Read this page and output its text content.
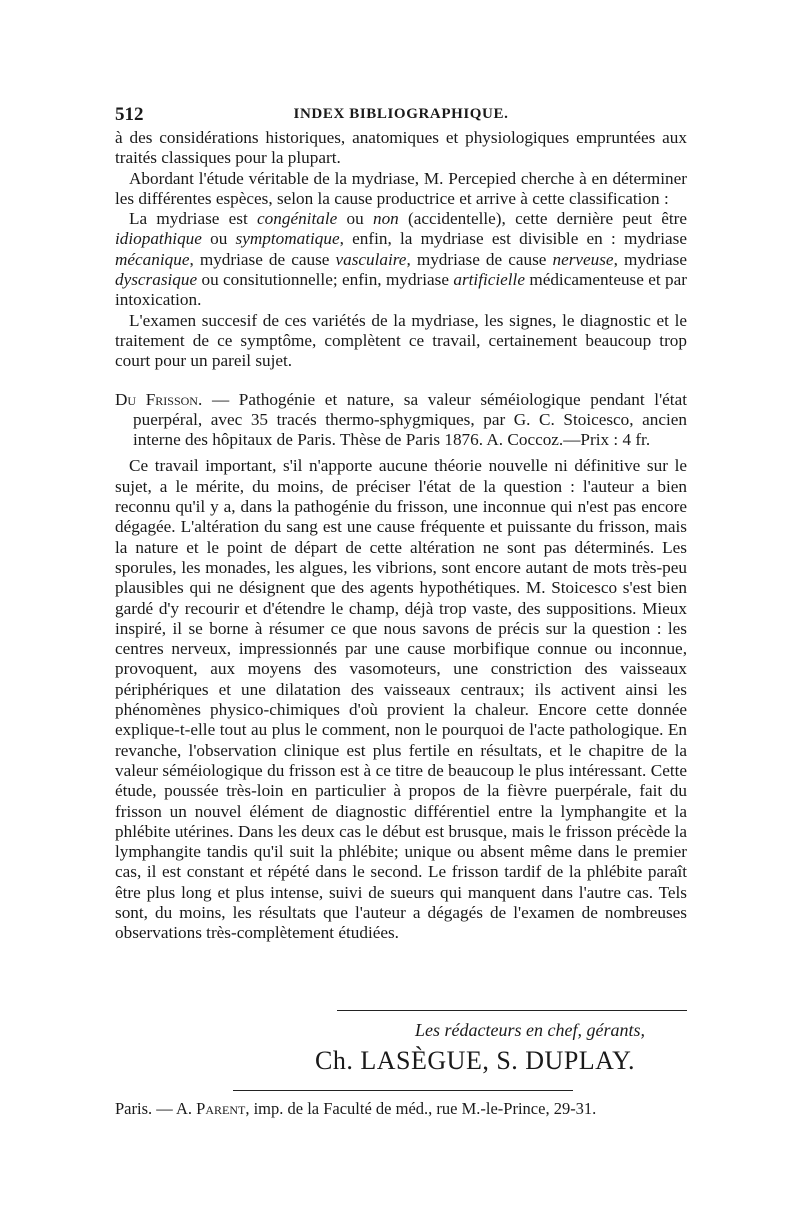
512	INDEX BIBLIOGRAPHIQUE.

à des considérations historiques, anatomiques et physiologiques empruntées aux traités classiques pour la plupart.

Abordant l'étude véritable de la mydriase, M. Percepied cherche à en déterminer les différentes espèces, selon la cause productrice et arrive à cette classification :

La mydriase est congénitale ou non (accidentelle), cette dernière peut être idiopathique ou symptomatique, enfin, la mydriase est divisible en : mydriase mécanique, mydriase de cause vasculaire, mydriase de cause nerveuse, mydriase dyscrasique ou consitutionnelle; enfin, mydriase artificielle médicamenteuse et par intoxication.

L'examen succesif de ces variétés de la mydriase, les signes, le diagnostic et le traitement de ce symptôme, complètent ce travail, certainement beaucoup trop court pour un pareil sujet.

Du Frisson. — Pathogénie et nature, sa valeur séméiologique pendant l'état puerpéral, avec 35 tracés thermo-sphygmiques, par G. C. Stoicesco, ancien interne des hôpitaux de Paris. Thèse de Paris 1876. A. Coccoz.—Prix : 4 fr.

Ce travail important, s'il n'apporte aucune théorie nouvelle ni définitive sur le sujet, a le mérite, du moins, de préciser l'état de la question : l'auteur a bien reconnu qu'il y a, dans la pathogénie du frisson, une inconnue qui n'est pas encore dégagée. L'altération du sang est une cause fréquente et puissante du frisson, mais la nature et le point de départ de cette altération ne sont pas déterminés. Les sporules, les monades, les algues, les vibrions, sont encore autant de mots très-peu plausibles qui ne désignent que des agents hypothétiques. M. Stoicesco s'est bien gardé d'y recourir et d'étendre le champ, déjà trop vaste, des suppositions. Mieux inspiré, il se borne à résumer ce que nous savons de précis sur la question : les centres nerveux, impressionnés par une cause morbifique connue ou inconnue, provoquent, aux moyens des vasomoteurs, une constriction des vaisseaux périphériques et une dilatation des vaisseaux centraux; ils activent ainsi les phénomènes physico-chimiques d'où provient la chaleur. Encore cette donnée explique-t-elle tout au plus le comment, non le pourquoi de l'acte pathologique. En revanche, l'observation clinique est plus fertile en résultats, et le chapitre de la valeur séméiologique du frisson est à ce titre de beaucoup le plus intéressant. Cette étude, poussée très-loin en particulier à propos de la fièvre puerpérale, fait du frisson un nouvel élément de diagnostic différentiel entre la lymphangite et la phlébite utérines. Dans les deux cas le début est brusque, mais le frisson précède la lymphangite tandis qu'il suit la phlébite; unique ou absent même dans le premier cas, il est constant et répété dans le second. Le frisson tardif de la phlébite paraît être plus long et plus intense, suivi de sueurs qui manquent dans l'autre cas. Tels sont, du moins, les résultats que l'auteur a dégagés de l'examen de nombreuses observations très-complètement étudiées.

Les rédacteurs en chef, gérants,
Ch. LASÈGUE, S. DUPLAY.
Paris. — A. Parent, imp. de la Faculté de méd., rue M.-le-Prince, 29-31.
